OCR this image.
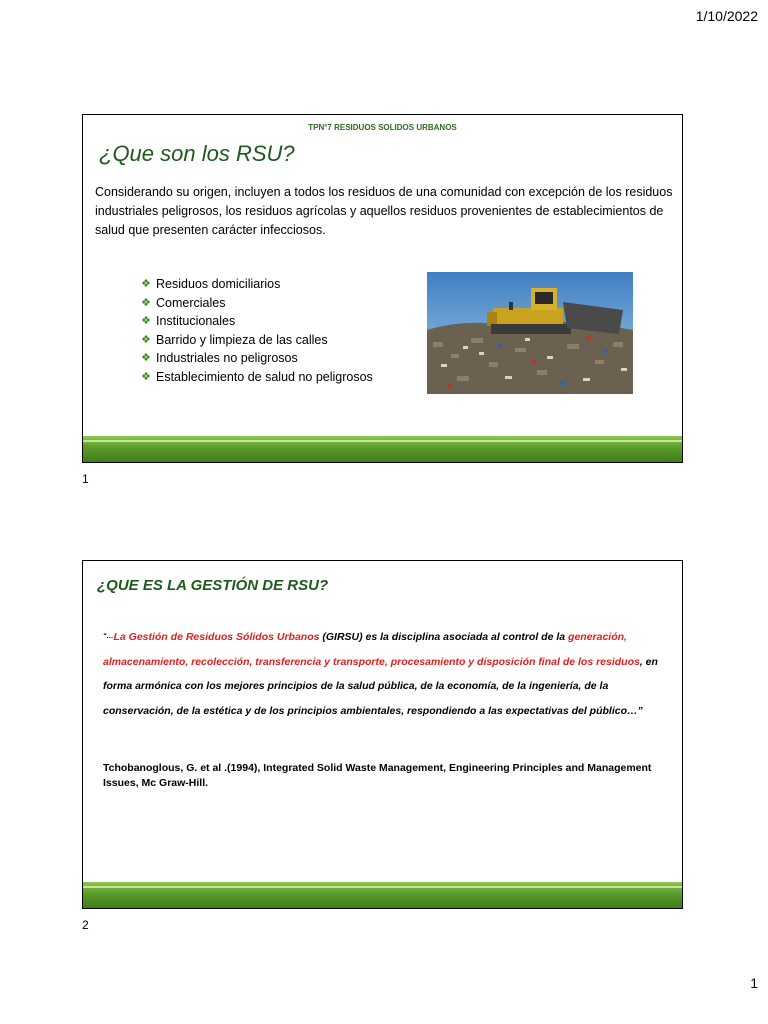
1/10/2022
TPN°7 RESIDUOS SOLIDOS URBANOS
¿Que son los RSU?
Considerando su origen, incluyen a todos los residuos de una comunidad con excepción de los residuos industriales peligrosos, los residuos agrícolas y aquellos residuos provenientes de establecimientos de salud que presenten carácter infecciosos.
❖ Residuos domiciliarios
❖ Comerciales
❖ Institucionales
❖ Barrido y limpieza de las calles
❖ Industriales no peligrosos
❖ Establecimiento de salud no peligrosos
1
¿QUE ES LA GESTIÓN DE RSU?
“…La Gestión de Residuos Sólidos Urbanos (GIRSU) es la disciplina asociada al control de la generación, almacenamiento, recolección, transferencia y transporte, procesamiento y disposición final de los residuos, en forma armónica con los mejores principios de la salud pública, de la economía, de la ingeniería, de la conservación, de la estética y de los principios ambientales, respondiendo a las expectativas del público…”
Tchobanoglous, G. et al .(1994), Integrated Solid Waste Management, Engineering Principles and Management Issues, Mc Graw-Hill.
2
1
